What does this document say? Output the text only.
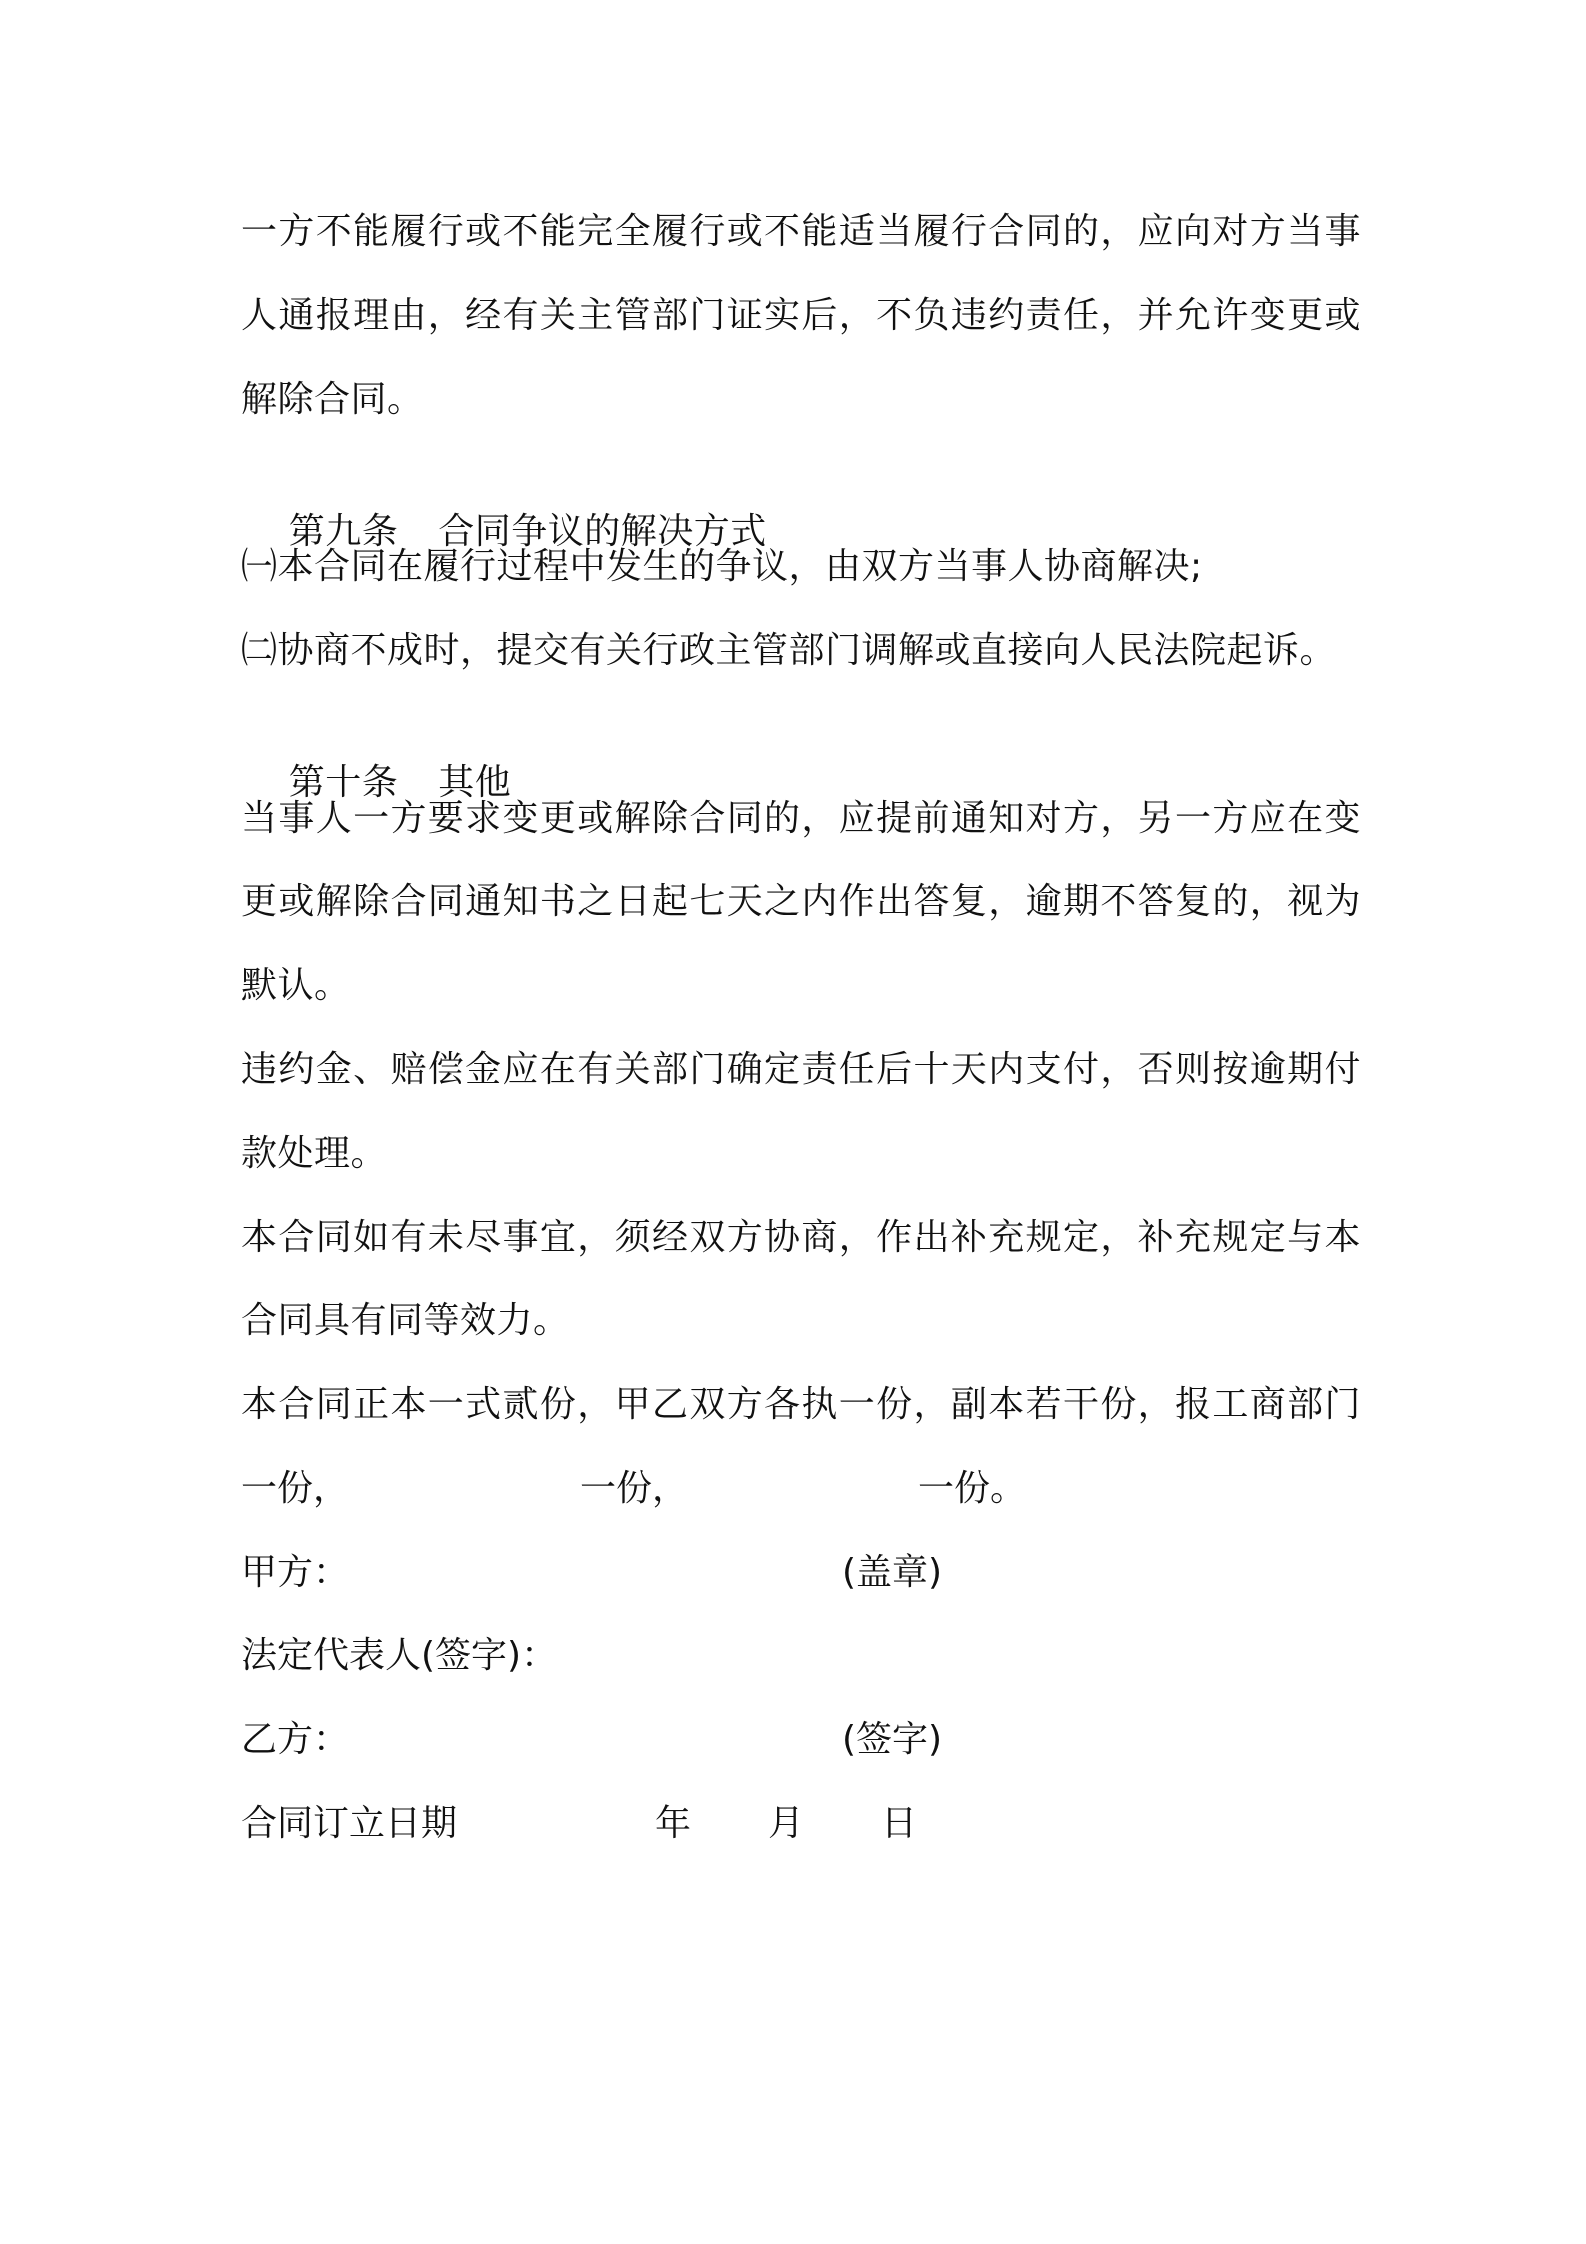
一方不能履行或不能完全履行或不能适当履行合同的，应向对方当事
人通报理由，经有关主管部门证实后，不负违约责任，并允许变更或
解除合同。

第九条 合同争议的解决方式

㈠本合同在履行过程中发生的争议，由双方当事人协商解决;
㈡协商不成时，提交有关行政主管部门调解或直接向人民法院起诉。

第十条 其他

当事人一方要求变更或解除合同的，应提前通知对方，另一方应在变
更或解除合同通知书之日起七天之内作出答复，逾期不答复的，视为
默认。
违约金、赔偿金应在有关部门确定责任后十天内支付，否则按逾期付
款处理。
本合同如有未尽事宜，须经双方协商，作出补充规定，补充规定与本
合同具有同等效力。
本合同正本一式贰份，甲乙双方各执一份，副本若干份，报工商部门
一份，	一份，	一份。
甲方：	(盖章)
法定代表人(签字)：
乙方：	(签字)
合同订立日期	年 月 日
